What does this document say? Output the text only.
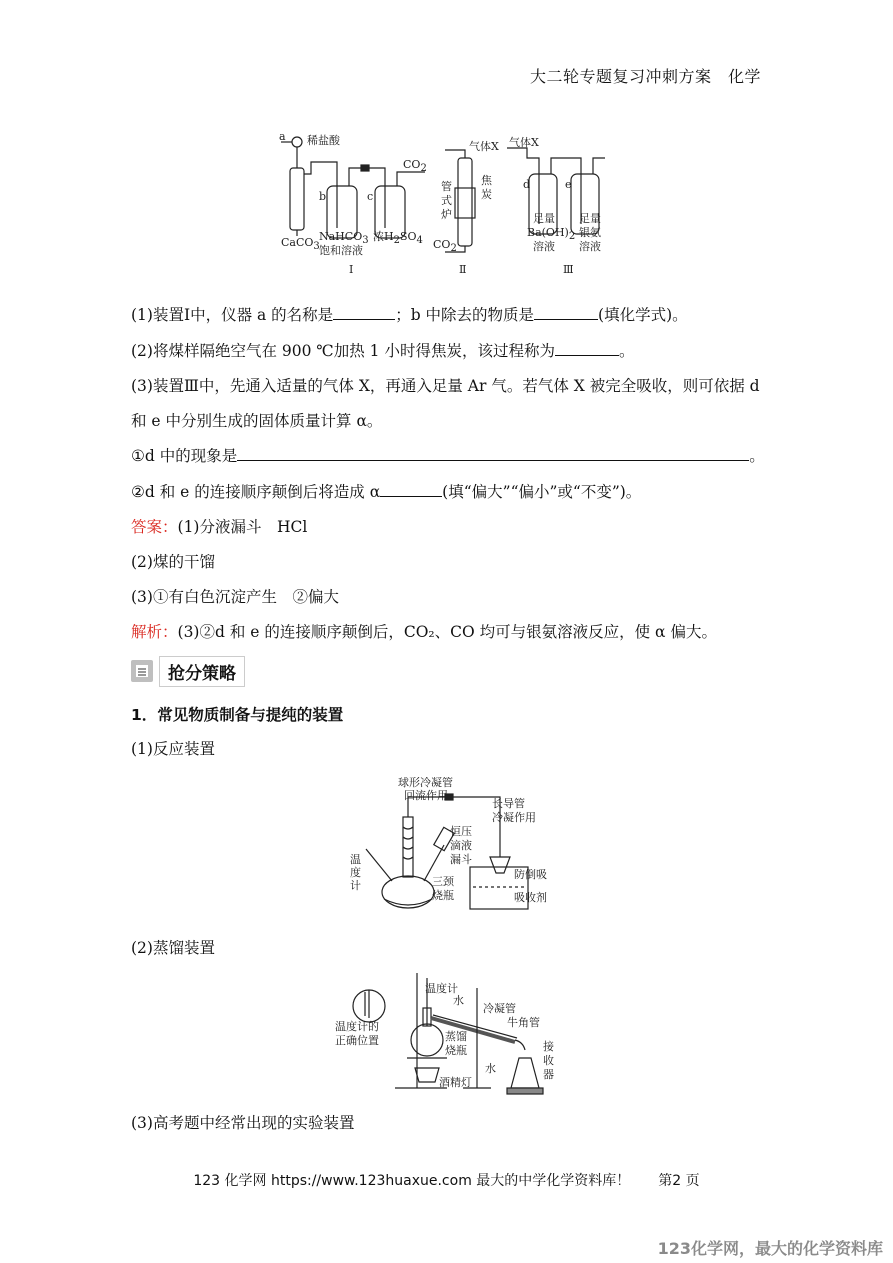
大二轮专题复习冲刺方案　化学
a 稀盐酸
CO2
b	c
CaCO3
NaHCO3
饱和溶液
浓H2SO4
Ⅰ
气体X
管
式
炉
焦
炭
CO2
Ⅱ
气体X
d	e
足量
Ba(OH)2
溶液
足量
银氨
溶液
Ⅲ
(1)装置Ⅰ中，仪器 a 的名称是	；b 中除去的物质是	(填化学式)。
(2)将煤样隔绝空气在 900 ℃加热 1 小时得焦炭，该过程称为	。
(3)装置Ⅲ中，先通入适量的气体 X，再通入足量 Ar 气。若气体 X 被完全吸收，则可依据 d
和 e 中分别生成的固体质量计算 α。
①d 中的现象是	。
②d 和 e 的连接顺序颠倒后将造成 α	(填“偏大”“偏小”或“不变”)。
答案：(1)分液漏斗　HCl
(2)煤的干馏
(3)①有白色沉淀产生　②偏大
解析：(3)②d 和 e 的连接顺序颠倒后，CO₂、CO 均可与银氨溶液反应，使 α 偏大。
抢分策略
1．常见物质制备与提纯的装置
(1)反应装置
球形冷凝管
回流作用
长导管
冷凝作用
恒压
滴液
漏斗
温
度
计	三颈
烧瓶
防倒吸
吸收剂
(2)蒸馏装置
温度计
水
冷凝管
牛角管
温度计的
正确位置	蒸馏
烧瓶
水
接
收
器
酒精灯
(3)高考题中经常出现的实验装置
123 化学网 https://www.123huaxue.com 最大的中学化学资料库！　　第2 页
123化学网，最大的化学资料库
